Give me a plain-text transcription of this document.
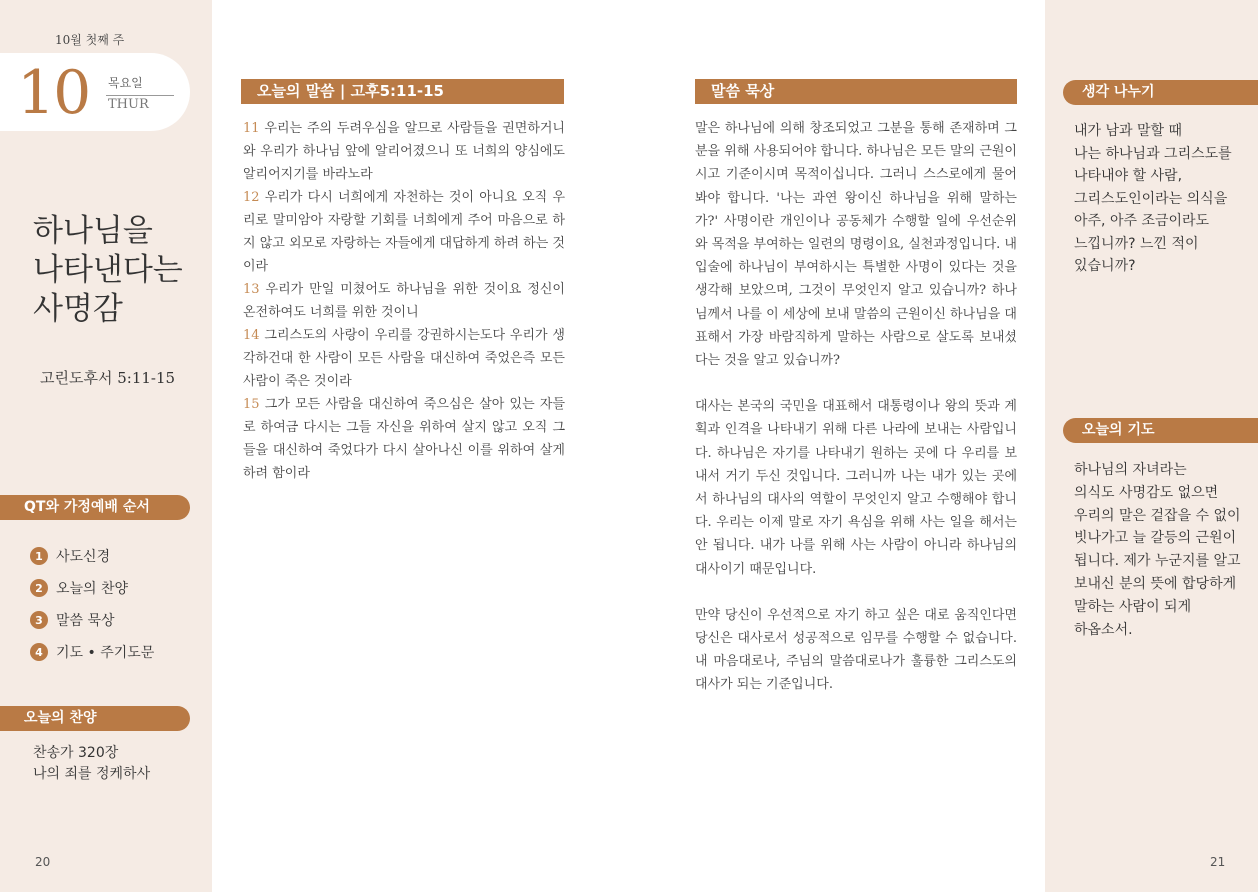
10월 첫째 주
10 목요일
THUR
하나님을
나타낸다는
사명감
고린도후서 5:11-15
QT와 가정예배 순서
1 사도신경
2 오늘의 찬양
3 말씀 묵상
4 기도 • 주기도문
오늘의 찬양
찬송가 320장
나의 죄를 정케하사
20
오늘의 말씀 | 고후5:11-15

11 우리는 주의 두려우심을 알므로 사람들을 권면하거니와 우리가 하나님 앞에 알리어졌으니 또 너희의 양심에도 알리어지기를 바라노라

12 우리가 다시 너희에게 자천하는 것이 아니요 오직 우리로 말미암아 자랑할 기회를 너희에게 주어 마음으로 하지 않고 외모로 자랑하는 자들에게 대답하게 하려 하는 것이라

13 우리가 만일 미쳤어도 하나님을 위한 것이요 정신이 온전하여도 너희를 위한 것이니

14 그리스도의 사랑이 우리를 강권하시는도다 우리가 생각하건대 한 사람이 모든 사람을 대신하여 죽었은즉 모든 사람이 죽은 것이라

15 그가 모든 사람을 대신하여 죽으심은 살아 있는 자들로 하여금 다시는 그들 자신을 위하여 살지 않고 오직 그들을 대신하여 죽었다가 다시 살아나신 이를 위하여 살게 하려 함이라

말씀 묵상

말은 하나님에 의해 창조되었고 그분을 통해 존재하며 그분을 위해 사용되어야 합니다. 하나님은 모든 말의 근원이시고 기준이시며 목적이십니다. 그러니 스스로에게 물어봐야 합니다. '나는 과연 왕이신 하나님을 위해 말하는가?' 사명이란 개인이나 공동체가 수행할 일에 우선순위와 목적을 부여하는 일련의 명령이요, 실천과정입니다. 내 입술에 하나님이 부여하시는 특별한 사명이 있다는 것을 생각해 보았으며, 그것이 무엇인지 알고 있습니까? 하나님께서 나를 이 세상에 보내 말씀의 근원이신 하나님을 대표해서 가장 바람직하게 말하는 사람으로 살도록 보내셨다는 것을 알고 있습니까?

대사는 본국의 국민을 대표해서 대통령이나 왕의 뜻과 계획과 인격을 나타내기 위해 다른 나라에 보내는 사람입니다. 하나님은 자기를 나타내기 원하는 곳에 다 우리를 보내서 거기 두신 것입니다. 그러니까 나는 내가 있는 곳에서 하나님의 대사의 역할이 무엇인지 알고 수행해야 합니다. 우리는 이제 말로 자기 욕심을 위해 사는 일을 해서는 안 됩니다. 내가 나를 위해 사는 사람이 아니라 하나님의 대사이기 때문입니다.

만약 당신이 우선적으로 자기 하고 싶은 대로 움직인다면 당신은 대사로서 성공적으로 임무를 수행할 수 없습니다. 내 마음대로나, 주님의 말씀대로나가 훌륭한 그리스도의 대사가 되는 기준입니다.

생각 나누기
내가 남과 말할 때
나는 하나님과 그리스도를
나타내야 할 사람,
그리스도인이라는 의식을
아주, 아주 조금이라도
느낍니까? 느낀 적이
있습니까?
오늘의 기도
하나님의 자녀라는
의식도 사명감도 없으면
우리의 말은 겉잡을 수 없이
빗나가고 늘 갈등의 근원이
됩니다. 제가 누군지를 알고
보내신 분의 뜻에 합당하게
말하는 사람이 되게
하옵소서.
21
